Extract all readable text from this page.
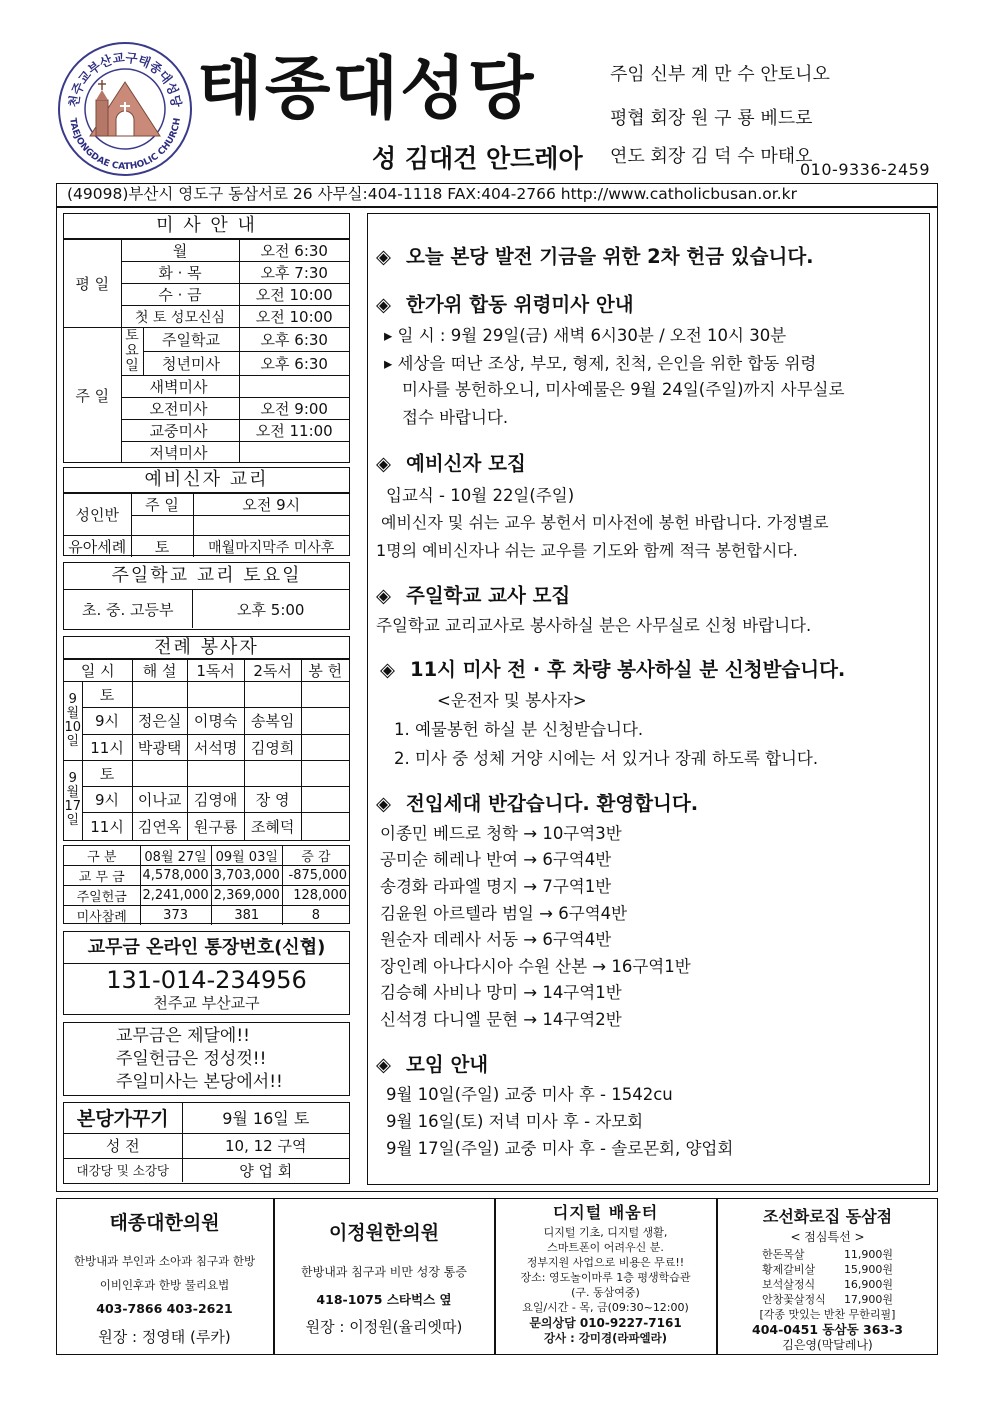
천주교부산교구태종대성당
TAEJONGDAE CATHOLIC CHURCH 태종대성당
성 김대건 안드레아
주임 신부 계 만 수 안토니오
평협 회장 원 구 룡 베드로
연도 회장 김 덕 수 마태오
010-9336-2459
(49098)부산시 영도구 동삼서로 26 사무실:404-1118 FAX:404-2766 http://www.catholicbusan.or.kr
미 사 안 내
평 일	월		오전 6:30
	화 · 목		오후 7:30
	수 · 금		오전 10:00
	첫 토 성모신심		오전 10:00
주 일	토요일	주일학교	오후 6:30
		청년미사	오후 6:30
	새벽미사		
	오전미사		오전 9:00
	교중미사		오전 11:00
	저녁미사		
예비신자 교리
성인반	주 일	오전 9시

유아세례	토	매월마지막주 미사후
주일학교 교리 토요일
초. 중. 고등부	오후 5:00
전례 봉사자
일 시		해 설	1독서	2독서	봉 헌
9월10일	토				
	9시	정은실	이명숙	송복임	
	11시	박광택	서석명	김영희	
9월17일	토				
	9시	이나교	김영애	장 영	
	11시	김연옥	원구룡	조혜덕	
구 분	08월 27일	09월 03일	증 감
교 무 금	4,578,000	3,703,000	-875,000
주일헌금	2,241,000	2,369,000	128,000
미사참례	373	381	8
교무금 온라인 통장번호(신협)
131-014-234956
천주교 부산교구
교무금은 제달에!!
주일헌금은 정성껏!!
주일미사는 본당에서!!
본당가꾸기	9월 16일 토
성 전	10, 12 구역
대강당 및 소강당	양 업 회
◈ 오늘 본당 발전 기금을 위한 2차 헌금 있습니다.
◈ 한가위 합동 위령미사 안내
▸ 일 시 : 9월 29일(금) 새벽 6시30분 / 오전 10시 30분
▸ 세상을 떠난 조상, 부모, 형제, 친척, 은인을 위한 합동 위령
미사를 봉헌하오니, 미사예물은 9월 24일(주일)까지 사무실로
접수 바랍니다.
◈ 예비신자 모집
입교식 - 10월 22일(주일)
예비신자 및 쉬는 교우 봉헌서 미사전에 봉헌 바랍니다. 가정별로
1명의 예비신자나 쉬는 교우를 기도와 함께 적극 봉헌합시다.
◈ 주일학교 교사 모집
주일학교 교리교사로 봉사하실 분은 사무실로 신청 바랍니다.
◈ 11시 미사 전 · 후 차량 봉사하실 분 신청받습니다.
<운전자 및 봉사자>
1. 예물봉헌 하실 분 신청받습니다.
2. 미사 중 성체 거양 시에는 서 있거나 장궤 하도록 합니다.
◈ 전입세대 반갑습니다. 환영합니다.
이종민 베드로 청학 → 10구역3반
공미순 헤레나 반여 → 6구역4반
송경화 라파엘 명지 → 7구역1반
김윤원 아르텔라 범일 → 6구역4반
원순자 데레사 서동 → 6구역4반
장인례 아나다시아 수원 산본 → 16구역1반
김승혜 사비나 망미 → 14구역1반
신석경 다니엘 문현 → 14구역2반
◈ 모임 안내
9월 10일(주일) 교중 미사 후 - 1542cu
9월 16일(토) 저녁 미사 후 - 자모회
9월 17일(주일) 교중 미사 후 - 솔로몬회, 양업회
태종대한의원
한방내과 부인과 소아과 침구과 한방
이비인후과 한방 물리요법
403-7866 403-2621
원장 : 정영태 (루카)
이정원한의원
한방내과 침구과 비만 성장 통증
418-1075 스타벅스 옆
원장 : 이정원(율리엣따)
디지털 배움터
디지털 기초, 디지털 생활,
스마트폰이 어려우신 분.
정부지원 사업으로 비용은 무료!!
장소: 영도놀이마루 1층 평생학습관
(구. 동삼여중)
요일/시간 - 목, 금(09:30~12:00)
문의상담 010-9227-7161
강사 : 강미경(라파엘라)
조선화로집 동삼점
< 점심특선 >
한돈목살	11,900원
황제갈비살	15,900원
보석살정식	16,900원
안창꽃살정식 17,900원
[각종 맛있는 반찬 무한리필]
404-0451 동삼동 363-3
김은영(막달레나)
